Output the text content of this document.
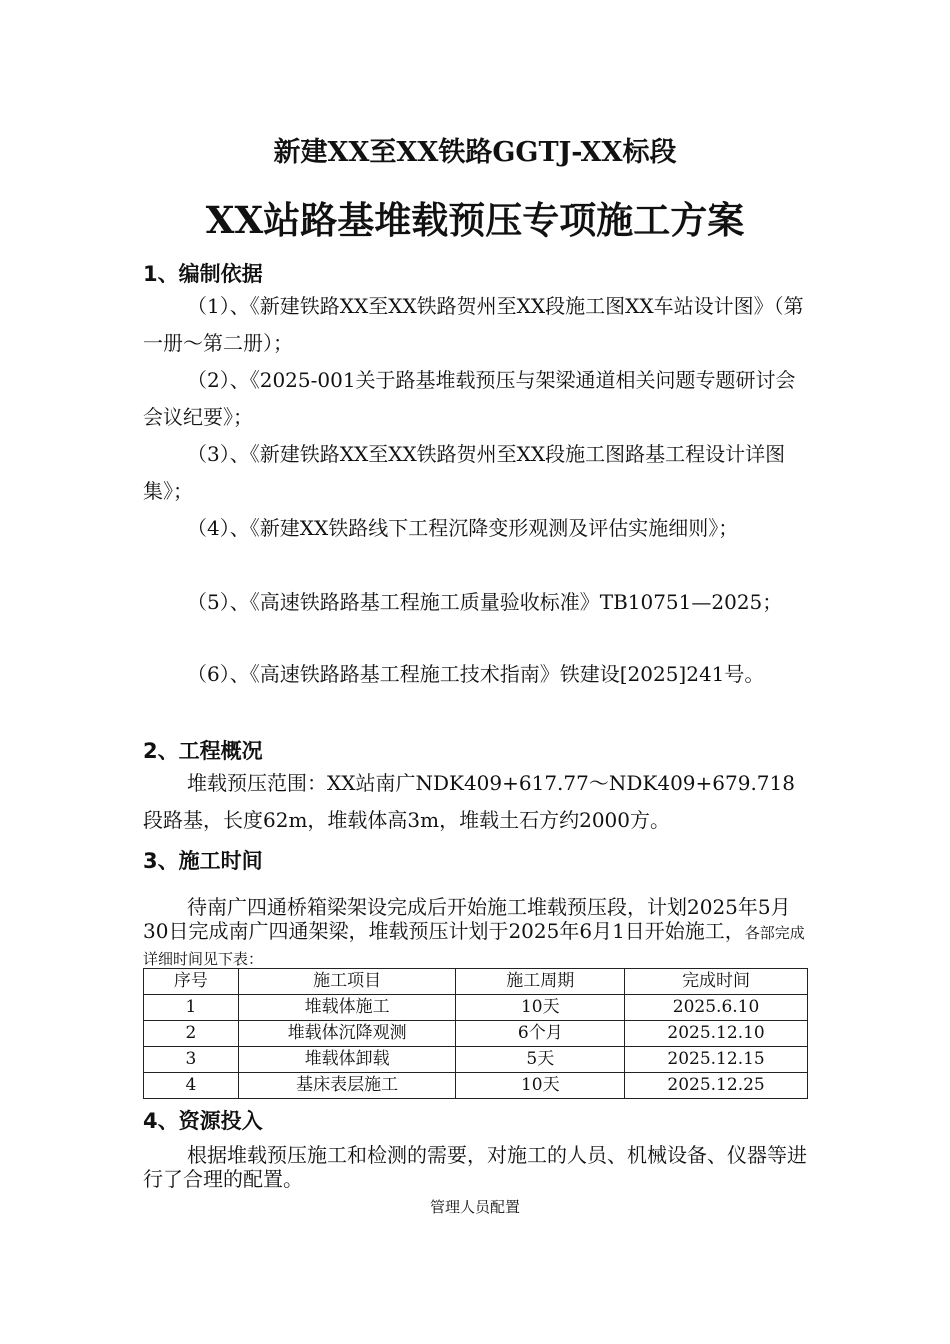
新建XX至XX铁路GGTJ-XX标段
XX站路基堆载预压专项施工方案
1、编制依据
（1）、《新建铁路XX至XX铁路贺州至XX段施工图XX车站设计图》（第一册～第二册）；
（2）、《2025-001关于路基堆载预压与架梁通道相关问题专题研讨会会议纪要》；
（3）、《新建铁路XX至XX铁路贺州至XX段施工图路基工程设计详图集》；
（4）、《新建XX铁路线下工程沉降变形观测及评估实施细则》；
（5）、《高速铁路路基工程施工质量验收标准》TB10751—2025；
（6）、《高速铁路路基工程施工技术指南》铁建设[2025]241号。
2、工程概况
堆载预压范围：XX站南广NDK409+617.77～NDK409+679.718段路基，长度62m，堆载体高3m，堆载土石方约2000方。
3、施工时间
待南广四通桥箱梁架设完成后开始施工堆载预压段，计划2025年5月30日完成南广四通架梁，堆载预压计划于2025年6月1日开始施工，各部完成详细时间见下表：
序号	施工项目	施工周期	完成时间
1	堆载体施工	10天	2025.6.10
2	堆载体沉降观测	6个月	2025.12.10
3	堆载体卸载	5天	2025.12.15
4	基床表层施工	10天	2025.12.25
4、资源投入
根据堆载预压施工和检测的需要，对施工的人员、机械设备、仪器等进行了合理的配置。
管理人员配置
